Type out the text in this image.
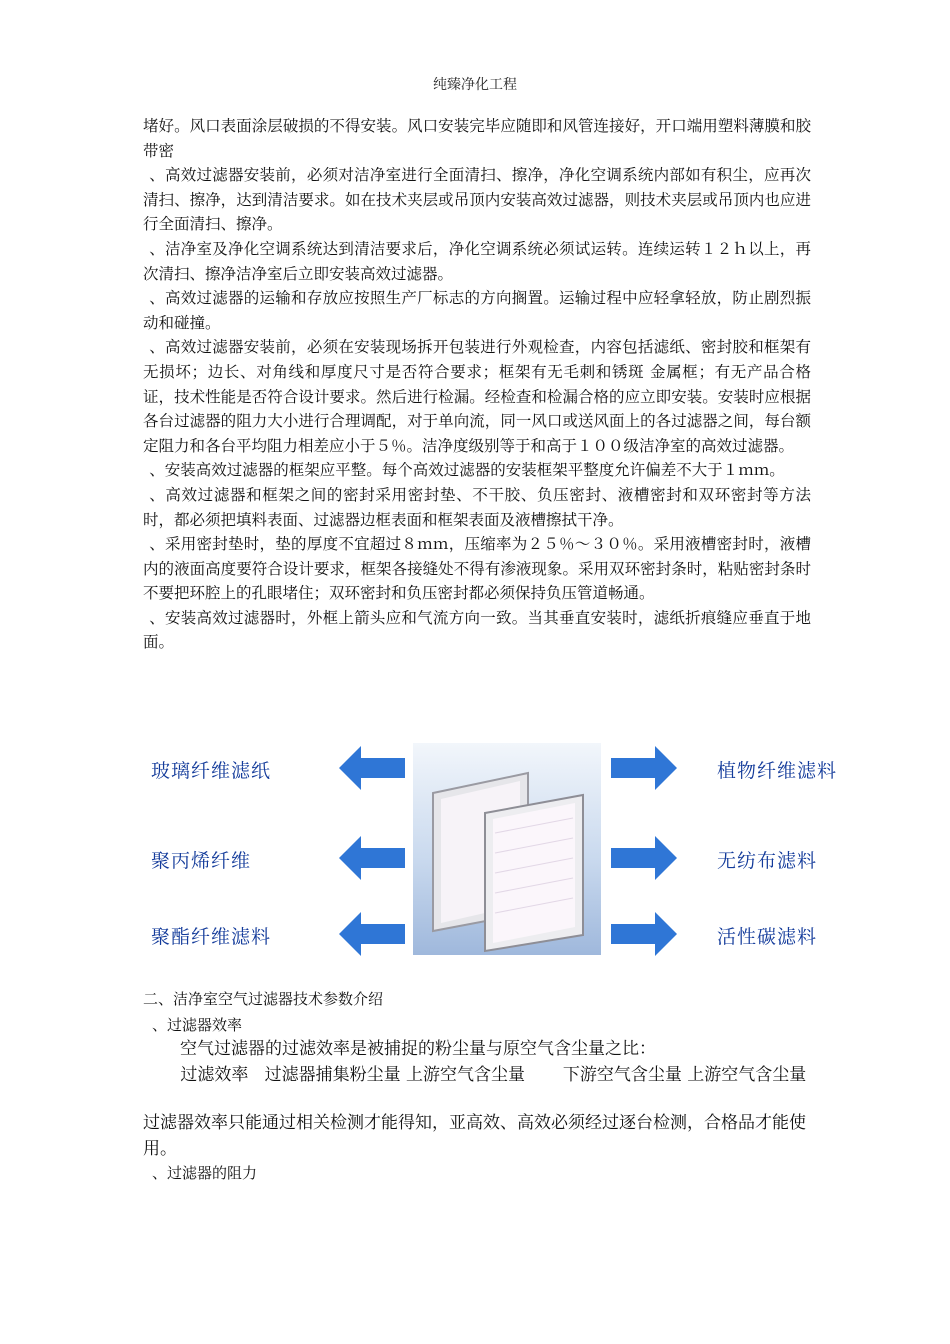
纯臻净化工程

堵好。风口表面涂层破损的不得安装。风口安装完毕应随即和风管连接好，开口端用塑料薄膜和胶带密

、高效过滤器安装前，必须对洁净室进行全面清扫、擦净，净化空调系统内部如有积尘，应再次清扫、擦净，达到清洁要求。如在技术夹层或吊顶内安装高效过滤器，则技术夹层或吊顶内也应进行全面清扫、擦净。

、洁净室及净化空调系统达到清洁要求后，净化空调系统必须试运转。连续运转１２ｈ以上，再次清扫、擦净洁净室后立即安装高效过滤器。

、高效过滤器的运输和存放应按照生产厂标志的方向搁置。运输过程中应轻拿轻放，防止剧烈振动和碰撞。

、高效过滤器安装前，必须在安装现场拆开包装进行外观检查，内容包括滤纸、密封胶和框架有无损坏；边长、对角线和厚度尺寸是否符合要求；框架有无毛刺和锈斑 金属框；有无产品合格证，技术性能是否符合设计要求。然后进行检漏。经检查和检漏合格的应立即安装。安装时应根据各台过滤器的阻力大小进行合理调配，对于单向流，同一风口或送风面上的各过滤器之间，每台额定阻力和各台平均阻力相差应小于５％。洁净度级别等于和高于１００级洁净室的高效过滤器。

、安装高效过滤器的框架应平整。每个高效过滤器的安装框架平整度允许偏差不大于１ｍｍ。

、高效过滤器和框架之间的密封采用密封垫、不干胶、负压密封、液槽密封和双环密封等方法时，都必须把填料表面、过滤器边框表面和框架表面及液槽擦拭干净。

、采用密封垫时，垫的厚度不宜超过８ｍｍ，压缩率为２５％～３０％。采用液槽密封时，液槽内的液面高度要符合设计要求，框架各接缝处不得有渗液现象。采用双环密封条时，粘贴密封条时不要把环腔上的孔眼堵住；双环密封和负压密封都必须保持负压管道畅通。

、安装高效过滤器时，外框上箭头应和气流方向一致。当其垂直安装时，滤纸折痕缝应垂直于地面。

玻璃纤维滤纸
聚丙烯纤维
聚酯纤维滤料
植物纤维滤料
无纺布滤料
活性碳滤料
二、洁净室空气过滤器技术参数介绍
、过滤器效率
空气过滤器的过滤效率是被捕捉的粉尘量与原空气含尘量之比：
过滤效率   过滤器捕集粉尘量 上游空气含尘量       下游空气含尘量 上游空气含尘量
过滤器效率只能通过相关检测才能得知，亚高效、高效必须经过逐台检测，合格品才能使用。
、过滤器的阻力
